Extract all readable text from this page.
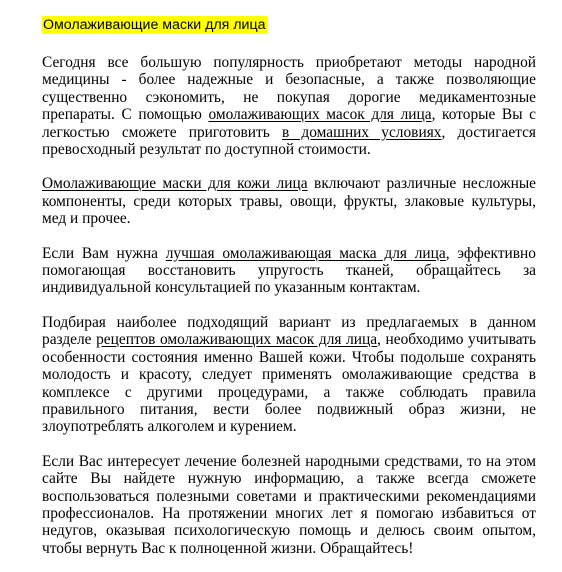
Омолаживающие маски для лица

Сегодня все большую популярность приобретают методы народной медицины - более надежные и безопасные, а также позволяющие существенно сэкономить, не покупая дорогие медикаментозные препараты. С помощью омолаживающих масок для лица, которые Вы с легкостью сможете приготовить в домашних условиях, достигается превосходный результат по доступной стоимости.

Омолаживающие маски для кожи лица включают различные несложные компоненты, среди которых травы, овощи, фрукты, злаковые культуры, мед и прочее.

Если Вам нужна лучшая омолаживающая маска для лица, эффективно помогающая восстановить упругость тканей, обращайтесь за индивидуальной консультацией по указанным контактам.

Подбирая наиболее подходящий вариант из предлагаемых в данном разделе рецептов омолаживающих масок для лица, необходимо учитывать особенности состояния именно Вашей кожи. Чтобы подольше сохранять молодость и красоту, следует применять омолаживающие средства в комплексе с другими процедурами, а также соблюдать правила правильного питания, вести более подвижный образ жизни, не злоупотреблять алкоголем и курением.

Если Вас интересует лечение болезней народными средствами, то на этом сайте Вы найдете нужную информацию, а также всегда сможете воспользоваться полезными советами и практическими рекомендациями профессионалов. На протяжении многих лет я помогаю избавиться от недугов, оказывая психологическую помощь и делюсь своим опытом, чтобы вернуть Вас к полноценной жизни. Обращайтесь!
